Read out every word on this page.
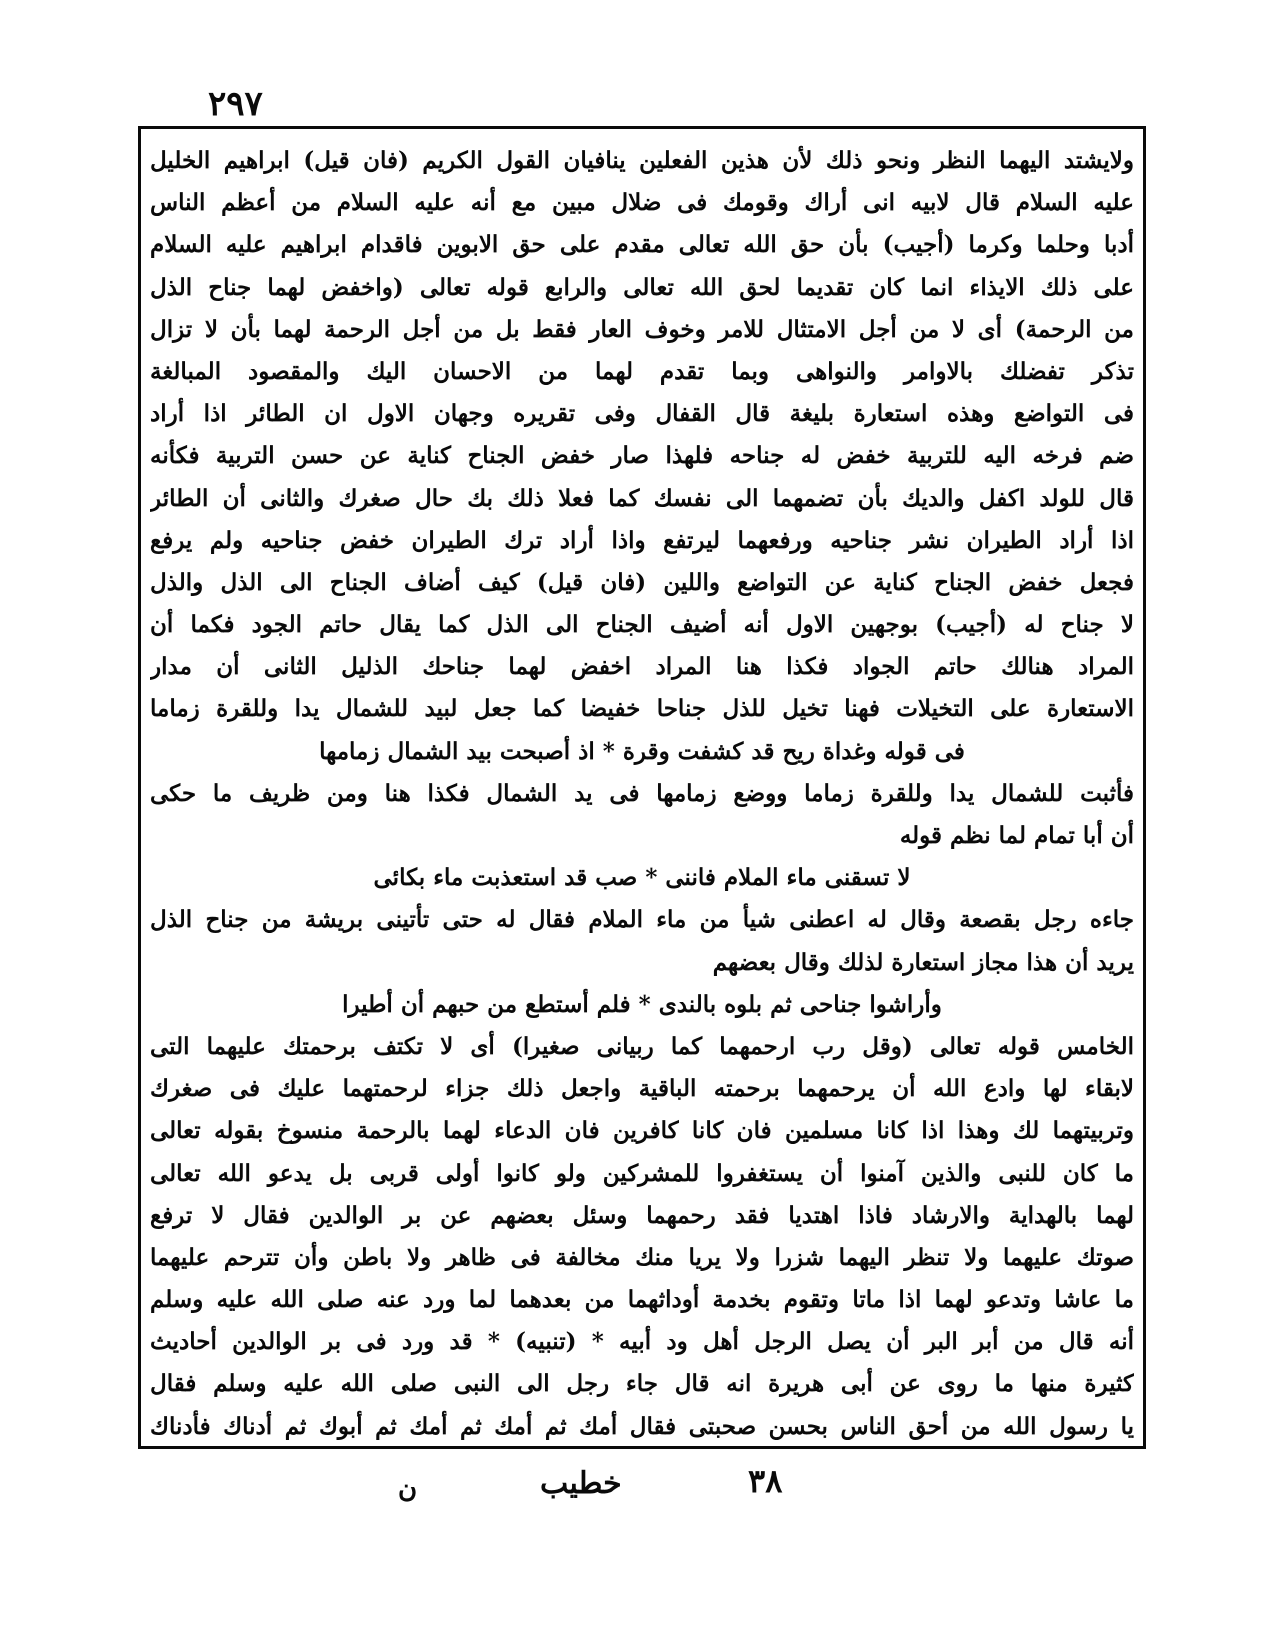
٢٩٧
ولايشتد اليهما النظر ونحو ذلك لأن هذين الفعلين ينافيان القول الكريم (فان قيل) ابراهيم الخليل
عليه السلام قال لابيه انى أراك وقومك فى ضلال مبين مع أنه عليه السلام من أعظم الناس
أدبا وحلما وكرما (أجيب) بأن حق الله تعالى مقدم على حق الابوين فاقدام ابراهيم عليه السلام
على ذلك الايذاء انما كان تقديما لحق الله تعالى والرابع قوله تعالى (واخفض لهما جناح الذل
من الرحمة) أى لا من أجل الامتثال للامر وخوف العار فقط بل من أجل الرحمة لهما بأن لا تزال
تذكر تفضلك بالاوامر والنواهى وبما تقدم لهما من الاحسان اليك والمقصود المبالغة
فى التواضع وهذه استعارة بليغة قال القفال وفى تقريره وجهان الاول ان الطائر اذا أراد
ضم فرخه اليه للتربية خفض له جناحه فلهذا صار خفض الجناح كناية عن حسن التربية فكأنه
قال للولد اكفل والديك بأن تضمهما الى نفسك كما فعلا ذلك بك حال صغرك والثانى أن الطائر
اذا أراد الطيران نشر جناحيه ورفعهما ليرتفع واذا أراد ترك الطيران خفض جناحيه ولم يرفع
فجعل خفض الجناح كناية عن التواضع واللين (فان قيل) كيف أضاف الجناح الى الذل والذل
لا جناح له (أجيب) بوجهين الاول أنه أضيف الجناح الى الذل كما يقال حاتم الجود فكما أن
المراد هنالك حاتم الجواد فكذا هنا المراد اخفض لهما جناحك الذليل الثانى أن مدار
الاستعارة على التخيلات فهنا تخيل للذل جناحا خفيضا كما جعل لبيد للشمال يدا وللقرة زماما
فى قوله وغداة ريح قد كشفت وقرة * اذ أصبحت بيد الشمال زمامها
فأثبت للشمال يدا وللقرة زماما ووضع زمامها فى يد الشمال فكذا هنا ومن ظريف ما حكى
أن أبا تمام لما نظم قوله
لا تسقنى ماء الملام فاننى * صب قد استعذبت ماء بكائى
جاءه رجل بقصعة وقال له اعطنى شيأ من ماء الملام فقال له حتى تأتينى بريشة من جناح الذل
يريد أن هذا مجاز استعارة لذلك وقال بعضهم
وأراشوا جناحى ثم بلوه بالندى * فلم أستطع من حبهم أن أطيرا
الخامس قوله تعالى (وقل رب ارحمهما كما ربيانى صغيرا) أى لا تكتف برحمتك عليهما التى
لابقاء لها وادع الله أن يرحمهما برحمته الباقية واجعل ذلك جزاء لرحمتهما عليك فى صغرك
وتربيتهما لك وهذا اذا كانا مسلمين فان كانا كافرين فان الدعاء لهما بالرحمة منسوخ بقوله تعالى
ما كان للنبى والذين آمنوا أن يستغفروا للمشركين ولو كانوا أولى قربى بل يدعو الله تعالى
لهما بالهداية والارشاد فاذا اهتديا فقد رحمهما وسئل بعضهم عن بر الوالدين فقال لا ترفع
صوتك عليهما ولا تنظر اليهما شزرا ولا يريا منك مخالفة فى ظاهر ولا باطن وأن تترحم عليهما
ما عاشا وتدعو لهما اذا ماتا وتقوم بخدمة أوداثهما من بعدهما لما ورد عنه صلى الله عليه وسلم
أنه قال من أبر البر أن يصل الرجل أهل ود أبيه * (تنبيه) * قد ورد فى بر الوالدين أحاديث
كثيرة منها ما روى عن أبى هريرة انه قال جاء رجل الى النبى صلى الله عليه وسلم فقال
يا رسول الله من أحق الناس بحسن صحبتى فقال أمك ثم أمك ثم أمك ثم أبوك ثم أدناك فأدناك
٣٨
خطيب
ن
